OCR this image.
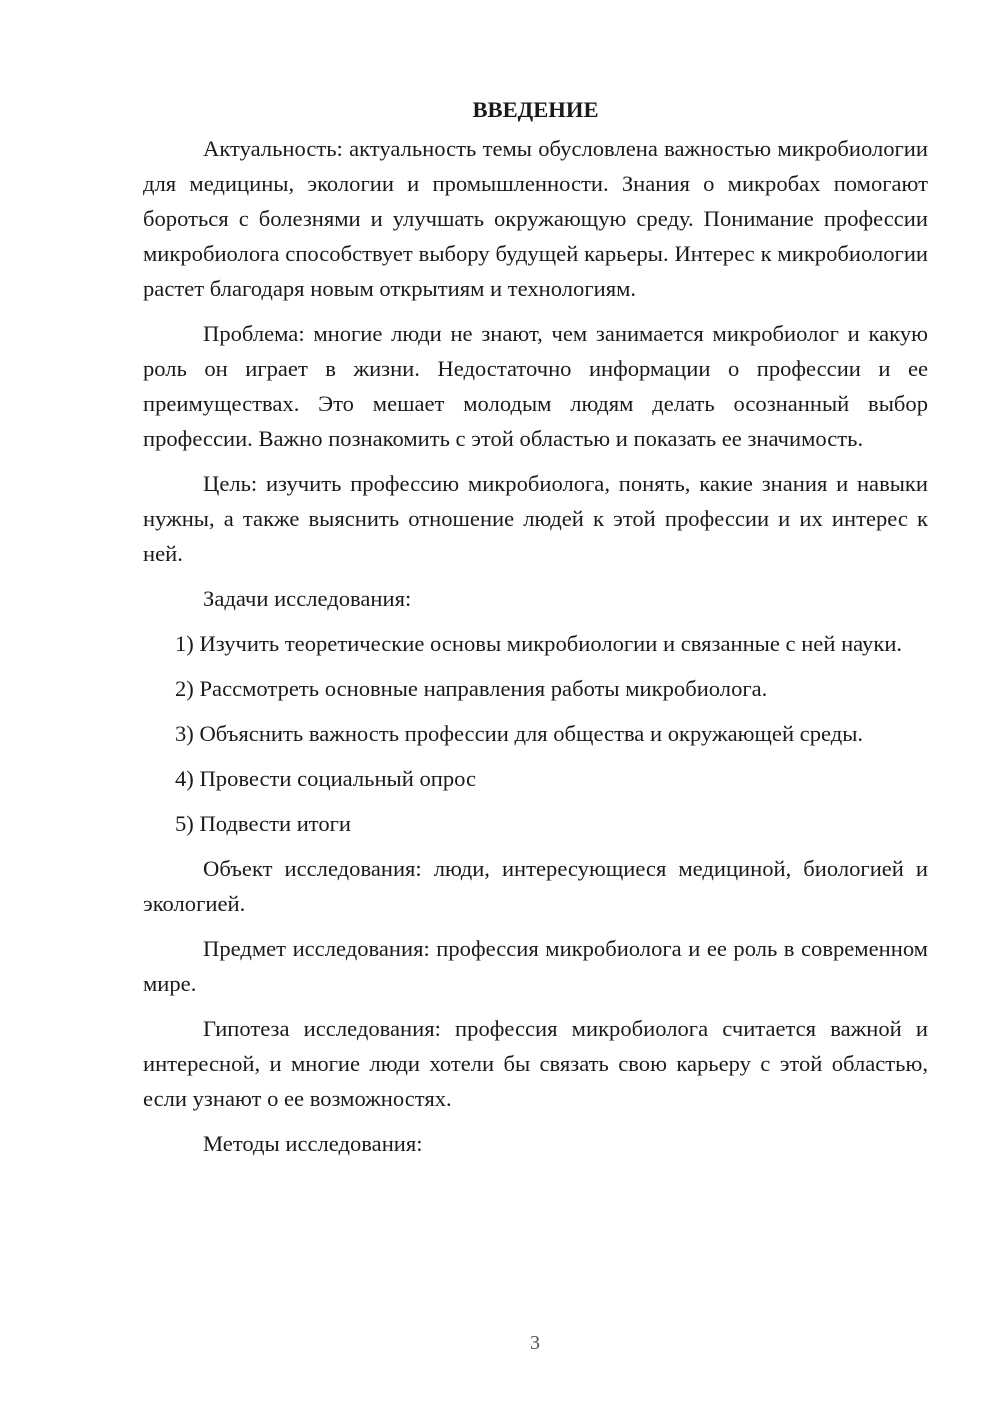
ВВЕДЕНИЕ

Актуальность: актуальность темы обусловлена важностью микробиологии для медицины, экологии и промышленности. Знания о микробах помогают бороться с болезнями и улучшать окружающую среду. Понимание профессии микробиолога способствует выбору будущей карьеры. Интерес к микробиологии растет благодаря новым открытиям и технологиям.

Проблема: многие люди не знают, чем занимается микробиолог и какую роль он играет в жизни. Недостаточно информации о профессии и ее преимуществах. Это мешает молодым людям делать осознанный выбор профессии. Важно познакомить с этой областью и показать ее значимость.

Цель: изучить профессию микробиолога, понять, какие знания и навыки нужны, а также выяснить отношение людей к этой профессии и их интерес к ней.

Задачи исследования:

1) Изучить теоретические основы микробиологии и связанные с ней науки.

2) Рассмотреть основные направления работы микробиолога.

3) Объяснить важность профессии для общества и окружающей среды.

4) Провести социальный опрос

5) Подвести итоги

Объект исследования: люди, интересующиеся медициной, биологией и экологией.

Предмет исследования: профессия микробиолога и ее роль в современном мире.

Гипотеза исследования: профессия микробиолога считается важной и интересной, и многие люди хотели бы связать свою карьеру с этой областью, если узнают о ее возможностях.

Методы исследования:

3
